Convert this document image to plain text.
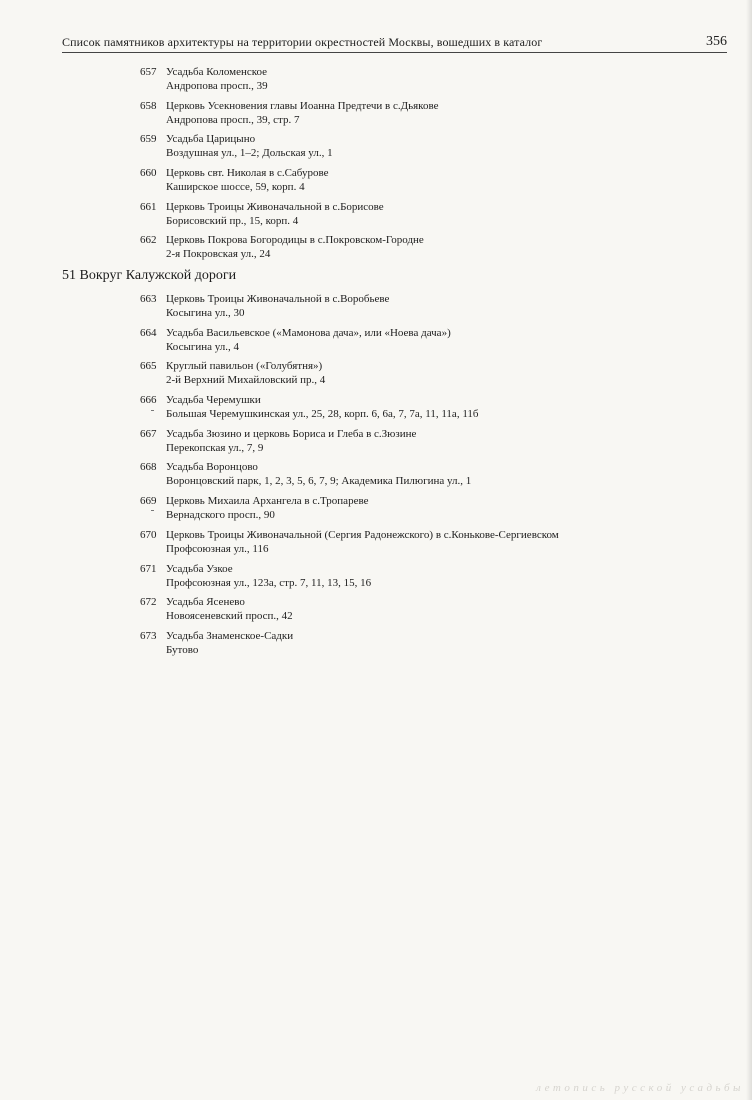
Список памятников архитектуры на территории окрестностей Москвы, вошедших в каталог	356
657 Усадьба Коломенское
Андропова просп., 39
658 Церковь Усекновения главы Иоанна Предтечи в с.Дьякове
Андропова просп., 39, стр. 7
659 Усадьба Царицыно
Воздушная ул., 1–2; Дольская ул., 1
660 Церковь свт. Николая в с.Сабурове
Каширское шоссе, 59, корп. 4
661 Церковь Троицы Живоначальной в с.Борисове
Борисовский пр., 15, корп. 4
662 Церковь Покрова Богородицы в с.Покровском-Городне
2-я Покровская ул., 24
51 Вокруг Калужской дороги
663 Церковь Троицы Живоначальной в с.Воробьеве
Косыгина ул., 30
664 Усадьба Васильевское («Мамонова дача», или «Ноева дача»)
Косыгина ул., 4
665 Круглый павильон («Голубятня»)
2-й Верхний Михайловский пр., 4
666 Усадьба Черемушки
Большая Черемушкинская ул., 25, 28, корп. 6, 6а, 7, 7а, 11, 11а, 11б
667 Усадьба Зюзино и церковь Бориса и Глеба в с.Зюзине
Перекопская ул., 7, 9
668 Усадьба Воронцово
Воронцовский парк, 1, 2, 3, 5, 6, 7, 9; Академика Пилюгина ул., 1
669 Церковь Михаила Архангела в с.Тропареве
Вернадского просп., 90
670 Церковь Троицы Живоначальной (Сергия Радонежского) в с.Конькове-Сергиевском
Профсоюзная ул., 116
671 Усадьба Узкое
Профсоюзная ул., 123а, стр. 7, 11, 13, 15, 16
672 Усадьба Ясенево
Новоясеневский просп., 42
673 Усадьба Знаменское-Садки
Бутово
летопись русской усадьбы
